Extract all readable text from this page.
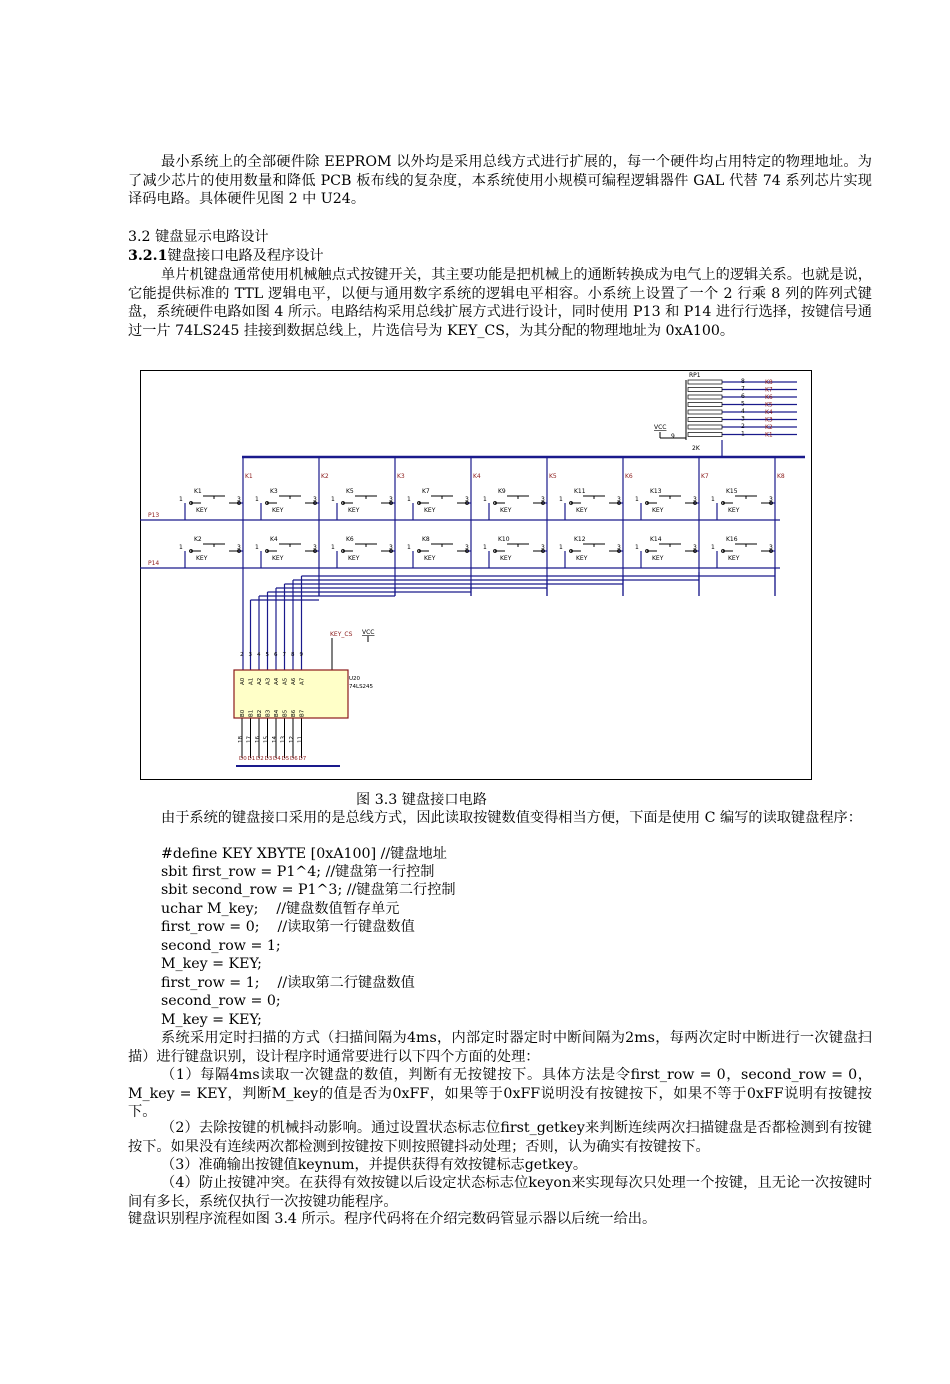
最小系统上的全部硬件除 EEPROM 以外均是采用总线方式进行扩展的，每一个硬件均占用特定的物理地址。为了减少芯片的使用数量和降低 PCB 板布线的复杂度，本系统使用小规模可编程逻辑器件 GAL 代替 74 系列芯片实现译码电路。具体硬件见图 2 中 U24。

3.2 键盘显示电路设计

3.2.1键盘接口电路及程序设计

单片机键盘通常使用机械触点式按键开关，其主要功能是把机械上的通断转换成为电气上的逻辑关系。也就是说，它能提供标准的 TTL 逻辑电平，以便与通用数字系统的逻辑电平相容。小系统上设置了一个 2 行乘 8 列的阵列式键盘，系统硬件电路如图 4 所示。电路结构采用总线扩展方式进行设计，同时使用 P13 和 P14 进行行选择，按键信号通过一片 74LS245 挂接到数据总线上，片选信号为 KEY_CS，为其分配的物理地址为 0xA100。

RP1
2K
8	K8
7	K7
6	K6
5	K5
4	K4
3	K3
2	K2
1	K1
VCC
9
K1	K2	K3	K4	K5	K6	K7	K8
P13
P14
K1
KEY
1	3
K3
KEY
1	3
K5
KEY
1	3
K7
KEY
1	3
K9
KEY
1	3
K11
KEY
1	3
K13
KEY
1	3
K15
KEY
1	3
K2
KEY
1	3
K4
KEY
1	3
K6
KEY
1	3
K8
KEY
1	3
K10
KEY
1	3
K12
KEY
1	3
K14
KEY
1	3
K16
KEY
1	3
KEY_CS VCC
U20
74LS245
2
A0
B0
18
D0
3
A1
B1
17
D1
4
A2
B2
16
D2
5
A3
B3
15
D3
6
A4
B4
14
D4
7
A5
B5
13
D5
8
A6
B6
12
D6
9
A7
B7
11
D7
图 3.3 键盘接口电路

由于系统的键盘接口采用的是总线方式，因此读取按键数值变得相当方便，下面是使用 C 编写的读取键盘程序：

#define KEY XBYTE [0xA100] //键盘地址

sbit first_row = P1^4; //键盘第一行控制

sbit second_row = P1^3; //键盘第二行控制

uchar M_key;    //键盘数值暂存单元

first_row = 0;    //读取第一行键盘数值

second_row = 1;

M_key = KEY;

first_row = 1;    //读取第二行键盘数值

second_row = 0;

M_key = KEY;

系统采用定时扫描的方式（扫描间隔为4ms，内部定时器定时中断间隔为2ms，每两次定时中断进行一次键盘扫描）进行键盘识别，设计程序时通常要进行以下四个方面的处理：

（1）每隔4ms读取一次键盘的数值，判断有无按键按下。具体方法是令first_row = 0，second_row = 0，M_key = KEY，判断M_key的值是否为0xFF，如果等于0xFF说明没有按键按下，如果不等于0xFF说明有按键按下。

（2）去除按键的机械抖动影响。通过设置状态标志位first_getkey来判断连续两次扫描键盘是否都检测到有按键按下。如果没有连续两次都检测到按键按下则按照键抖动处理；否则，认为确实有按键按下。

（3）准确输出按键值keynum，并提供获得有效按键标志getkey。

（4）防止按键冲突。在获得有效按键以后设定状态标志位keyon来实现每次只处理一个按键，且无论一次按键时间有多长，系统仅执行一次按键功能程序。

键盘识别程序流程如图 3.4 所示。程序代码将在介绍完数码管显示器以后统一给出。
